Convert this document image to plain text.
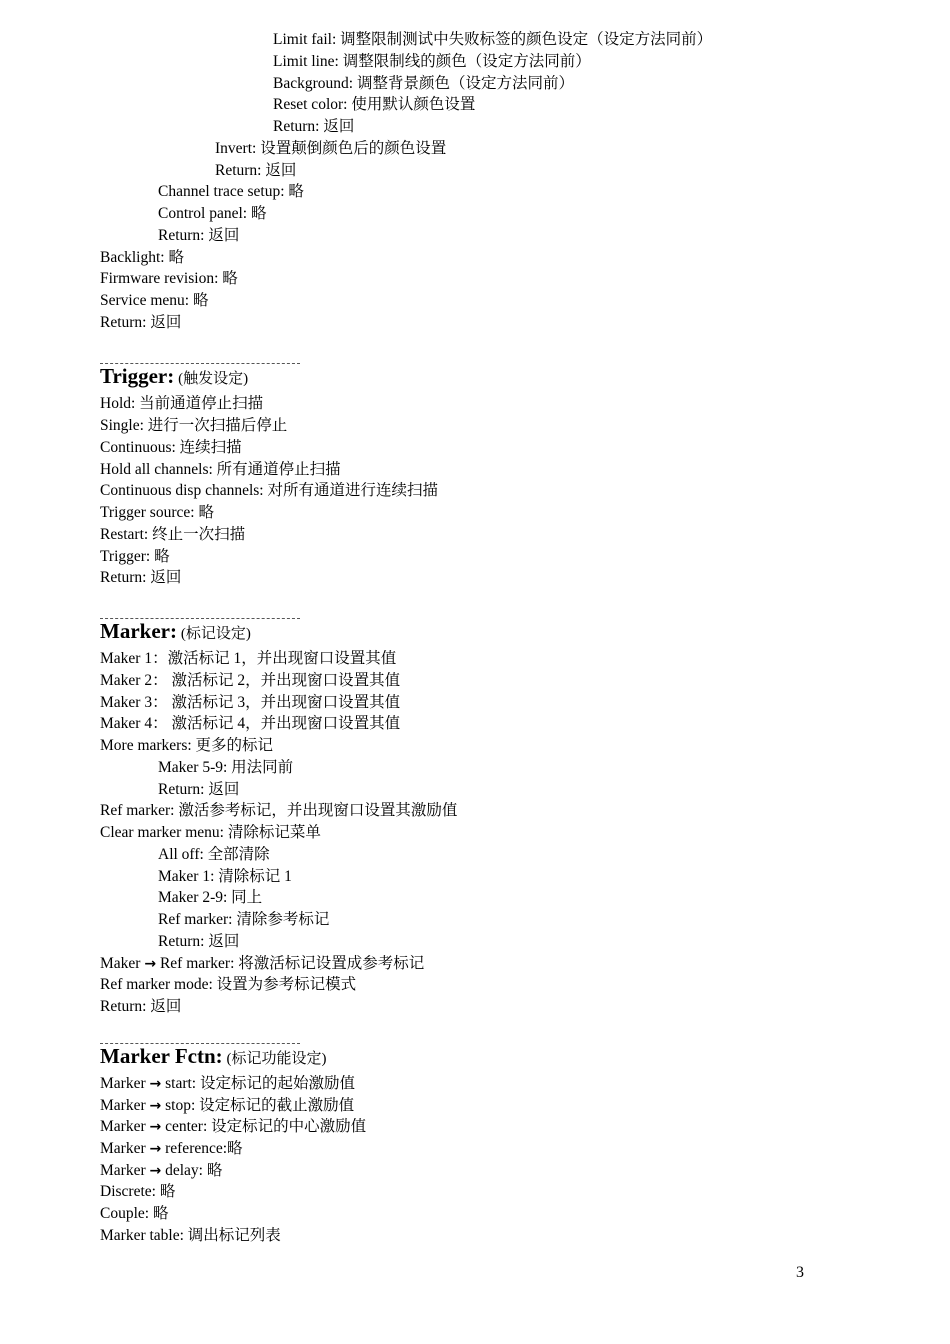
Limit fail: 调整限制测试中失败标签的颜色设定（设定方法同前）
Limit line: 调整限制线的颜色（设定方法同前）
Background: 调整背景颜色（设定方法同前）
Reset color: 使用默认颜色设置
Return: 返回
Invert: 设置颠倒颜色后的颜色设置
Return: 返回
Channel trace setup: 略
Control panel: 略
Return: 返回
Backlight: 略
Firmware revision: 略
Service menu: 略
Return: 返回
Trigger: (触发设定)
Hold: 当前通道停止扫描
Single: 进行一次扫描后停止
Continuous: 连续扫描
Hold all channels: 所有通道停止扫描
Continuous disp channels: 对所有通道进行连续扫描
Trigger source: 略
Restart: 终止一次扫描
Trigger: 略
Return: 返回
Marker: (标记设定)
Maker 1：激活标记 1，并出现窗口设置其值
Maker 2： 激活标记 2，并出现窗口设置其值
Maker 3： 激活标记 3，并出现窗口设置其值
Maker 4： 激活标记 4，并出现窗口设置其值
More markers: 更多的标记
Maker 5-9: 用法同前
Return: 返回
Ref marker: 激活参考标记，并出现窗口设置其激励值
Clear marker menu: 清除标记菜单
All off: 全部清除
Maker 1: 清除标记 1
Maker 2-9: 同上
Ref marker: 清除参考标记
Return: 返回
Maker → Ref marker: 将激活标记设置成参考标记
Ref marker mode: 设置为参考标记模式
Return: 返回
Marker Fctn: (标记功能设定)
Marker → start: 设定标记的起始激励值
Marker → stop: 设定标记的截止激励值
Marker → center: 设定标记的中心激励值
Marker → reference:略
Marker → delay: 略
Discrete: 略
Couple: 略
Marker table: 调出标记列表
3
